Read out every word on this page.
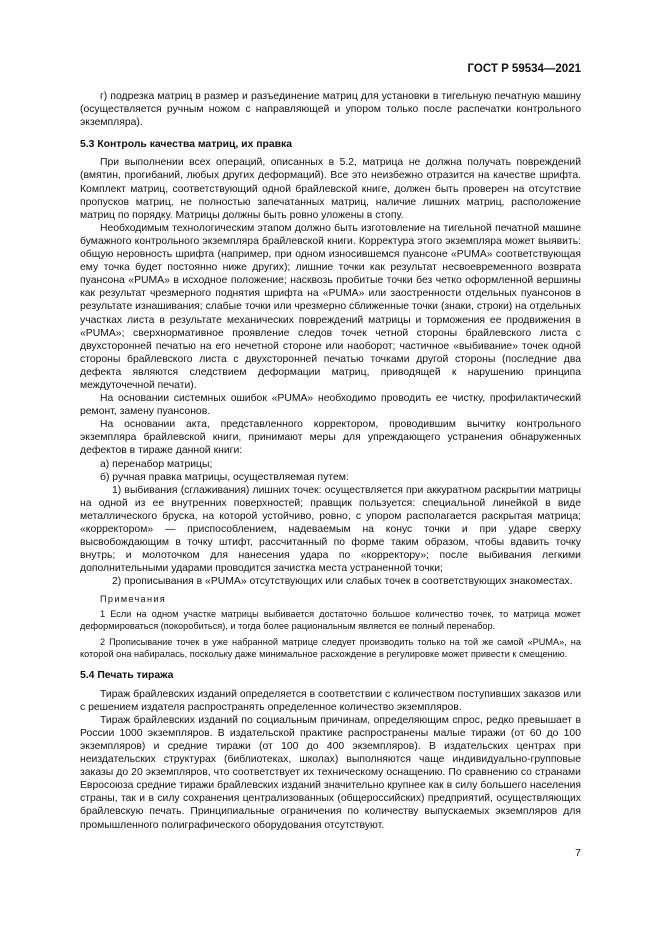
ГОСТ Р 59534—2021

г) подрезка матриц в размер и разъединение матриц для установки в тигельную печатную машину (осуществляется ручным ножом с направляющей и упором только после распечатки контрольного экземпляра).

5.3 Контроль качества матриц, их правка

При выполнении всех операций, описанных в 5.2, матрица не должна получать повреждений (вмятин, прогибаний, любых других деформаций). Все это неизбежно отразится на качестве шрифта. Комплект матриц, соответствующий одной брайлевской книге, должен быть проверен на отсутствие пропусков матриц, не полностью запечатанных матриц, наличие лишних матриц, расположение матриц по порядку. Матрицы должны быть ровно уложены в стопу.

Необходимым технологическим этапом должно быть изготовление на тигельной печатной машине бумажного контрольного экземпляра брайлевской книги. Корректура этого экземпляра может выявить: общую неровность шрифта (например, при одном износившемся пуансоне «PUMA» соответствующая ему точка будет постоянно ниже других); лишние точки как результат несвоевременного возврата пуансона «PUMA» в исходное положение; насквозь пробитые точки без четко оформленной вершины как результат чрезмерного поднятия шрифта на «PUMA» или заостренности отдельных пуансонов в результате изнашивания; слабые точки или чрезмерно сближенные точки (знаки, строки) на отдельных участках листа в результате механических повреждений матрицы и торможения ее продвижения в «PUMA»; сверхнормативное проявление следов точек четной стороны брайлевского листа с двухсторонней печатью на его нечетной стороне или наоборот; частичное «выбивание» точек одной стороны брайлевского листа с двухсторонней печатью точками другой стороны (последние два дефекта являются следствием деформации матриц, приводящей к нарушению принципа междуточечной печати).

На основании системных ошибок «PUMA» необходимо проводить ее чистку, профилактический ремонт, замену пуансонов.

На основании акта, представленного корректором, проводившим вычитку контрольного экземпляра брайлевской книги, принимают меры для упреждающего устранения обнаруженных дефектов в тираже данной книги:

а) перенабор матрицы;

б) ручная правка матрицы, осуществляемая путем:

1) выбивания (сглаживания) лишних точек: осуществляется при аккуратном раскрытии матрицы на одной из ее внутренних поверхностей; правщик пользуется: специальной линейкой в виде металлического бруска, на которой устойчиво, ровно, с упором располагается раскрытая матрица; «корректором» — приспособлением, надеваемым на конус точки и при ударе сверху высвобождающим в точку штифт, рассчитанный по форме таким образом, чтобы вдавить точку внутрь; и молоточком для нанесения удара по «корректору»; после выбивания легкими дополнительными ударами проводится зачистка места устраненной точки;

2) прописывания в «PUMA» отсутствующих или слабых точек в соответствующих знакоместах.

Примечания

1 Если на одном участке матрицы выбивается достаточно большое количество точек, то матрица может деформироваться (покоробиться), и тогда более рациональным является ее полный перенабор.

2 Прописывание точек в уже набранной матрице следует производить только на той же самой «PUMA», на которой она набиралась, поскольку даже минимальное расхождение в регулировке может привести к смещению.

5.4 Печать тиража

Тираж брайлевских изданий определяется в соответствии с количеством поступивших заказов или с решением издателя распространять определенное количество экземпляров.

Тираж брайлевских изданий по социальным причинам, определяющим спрос, редко превышает в России 1000 экземпляров. В издательской практике распространены малые тиражи (от 60 до 100 экземпляров) и средние тиражи (от 100 до 400 экземпляров). В издательских центрах при неиздательских структурах (библиотеках, школах) выполняются чаще индивидуально-групповые заказы до 20 экземпляров, что соответствует их техническому оснащению. По сравнению со странами Евросоюза средние тиражи брайлевских изданий значительно крупнее как в силу большего населения страны, так и в силу сохранения централизованных (общероссийских) предприятий, осуществляющих брайлевскую печать. Принципиальные ограничения по количеству выпускаемых экземпляров для промышленного полиграфического оборудования отсутствуют.

7
